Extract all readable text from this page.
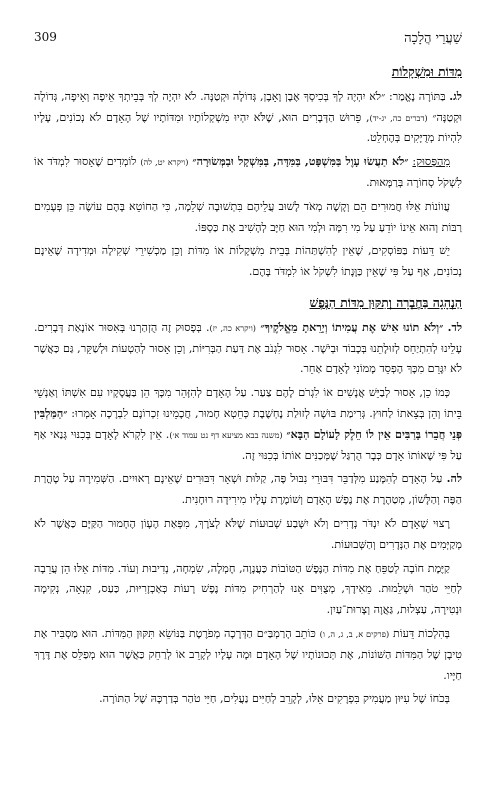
309	שַׁעֲרֵי הֲלָכָה
מִדּוֹת וּמִשְׁקָלוֹת

לג. בַּתּוֹרָה נֶאֱמַר: ״לֹא יִהְיֶה לְךָ בְּכִיסְךָ אֶבֶן וָאָבֶן, גְּדוֹלָה וּקְטַנָּה. לֹא יִהְיֶה לְךָ בְּבֵיתְךָ אֵיפָה וְאֵיפָה, גְּדוֹלָה וּקְטַנָּה״ (דברים כה, יג-יד), פֵּרוּשׁ הַדְּבָרִים הוּא, שֶׁלֹּא יִהְיוּ מִשְׁקְלוֹתָיו וּמִדּוֹתָיו שֶׁל הָאָדָם לֹא נְכוֹנִים, עָלָיו לִהְיוֹת מְדֻיָּקִים בְּהֶחְלֵט.

מֵהַפָּסוּק: ״לֹא תַעֲשׂוּ עָוֶל בַּמִּשְׁפָּט, בַּמִּדָּה, בַּמִּשְׁקָל וּבַמְּשׂוּרָה״ (ויקרא יט, לה) לוֹמְדִים שֶׁאָסוּר לִמְדֹּד אוֹ לִשְׁקֹל סְחוֹרָה בְּרַמָּאוּת.

עֲווֹנוֹת אֵלּוּ חֲמוּרִים הֵם וְקָשֶׁה מְאֹד לָשׁוּב עֲלֵיהֶם בִּתְשׁוּבָה שְׁלֵמָה, כִּי הַחוֹטֵא בָּהֶם עוֹשֶׂה כֵּן פְּעָמִים רַבּוֹת וְהוּא אֵינוֹ יוֹדֵעַ עַל מִי רִמָּה וּלְמִי הוּא חַיָּב לְהָשִׁיב אֶת כַּסְפּוֹ.

יֵשׁ דֵּעוֹת בַּפּוֹסְקִים, שֶׁאֵין לְהִשְׁתַּהוֹת בְּבֵית מִשְׁקָלוֹת אוֹ מִדּוֹת וְכֵן מַכְשִׁירֵי שְׁקִילָה וּמְדִידָה שֶׁאֵינָם נְכוֹנִים, אַף עַל פִּי שֶׁאֵין כַּוָּנָתוֹ לִשְׁקֹל אוֹ לִמְדֹּד בָּהֶם.

הַנְהָגָה בַּחֶבְרָה וְתִקּוּן מִדּוֹת הַנֶּפֶשׁ

לד. ״וְלֹא תוֹנוּ אִישׁ אֶת עֲמִיתוֹ וְיָרֵאתָ מֵאֱלֹקֶיךָ״ (ויקרא כה, יז). בְּפָסוּק זֶה הֻזְהַרְנוּ בְּאִסּוּר אוֹנָאַת דְּבָרִים. עָלֵינוּ לְהִתְיַחֵס לְזוּלָתֵנוּ בְּכָבוֹד וּבְיֹשֶׁר. אָסוּר לִגְנֹב אֶת דַּעַת הַבְּרִיּוֹת, וְכֵן אָסוּר לְהַטְעוֹת וּלְשַׁקֵּר, גַּם כַּאֲשֶׁר לֹא יִגָּרֵם מִכָּךְ הֶפְסֵד מָמוֹנִי לָאָדָם אַחֵר.

כְּמוֹ כֵן, אָסוּר לְבַיֵּשׁ אֲנָשִׁים אוֹ לִגְרֹם לָהֶם צַעַר. עַל הָאָדָם לְהִזָּהֵר מִכָּךְ הֵן בַּעֲסָקָיו עִם אִשְׁתּוֹ וְאַנְשֵׁי בֵּיתוֹ וְהֵן בְּצֵאתוֹ לַחוּץ. גְּרִימַת בּוּשָׁה לְזוּלַת נֶחְשֶׁבֶת כְּחֵטְא חָמוּר, חֲכָמֵינוּ זִכְרוֹנָם לִבְרָכָה אָמְרוּ: ״הַמַּלְבִּין פְּנֵי חֲבֵרוֹ בָּרַבִּים אֵין לוֹ חֵלֶק לָעוֹלָם הַבָּא״ (משנה בבא מציעא דף נט עמוד א׳). אֵין לִקְרֹא לָאָדָם בְּכִנּוּי גְּנַאי אַף עַל פִּי שֶׁאוֹתוֹ אָדָם כְּבָר הֻרְגַּל שֶׁמְּכַנִּים אוֹתוֹ בְּכִנּוּי זֶה.

לה. עַל הָאָדָם לְהִמָּנַע מִלְּדַבֵּר דִּבּוּרֵי נִבּוּל פֶּה, קַלּוּת וּשְׁאָר דִּבּוּרִים שֶׁאֵינָם רְאוּיִים. הַשְּׁמִירָה עַל טָהֳרַת הַפֶּה וְהַלָּשׁוֹן, מְטַהֶרֶת אֶת נֶפֶשׁ הָאָדָם וְשׁוֹמֶרֶת עָלָיו מִירִידָה רוּחָנִית.

רָצוּי שֶׁאָדָם לֹא יִנְדֹּר נְדָרִים וְלֹא יִשָּׁבַע שְׁבוּעוֹת שֶׁלֹּא לְצֹרֶךְ, מִפְּאַת הֶעָוֹן הֶחָמוּר הַקַּיָּם כַּאֲשֶׁר לֹא מְקַיְּמִים אֶת הַנְּדָרִים וְהַשְּׁבוּעוֹת.

קַיֶּמֶת חוֹבָה לְטַפֵּחַ אֶת מִדּוֹת הַנֶּפֶשׁ הַטּוֹבוֹת כַּעֲנָוָה, חֶמְלָה, שִׂמְחָה, נְדִיבוּת וְעוֹד. מִדּוֹת אֵלּוּ הֵן עֲרֵבָה לְחַיֵּי טֹהַר וּשְׁלֵמוּת. מֵאִידָךְ, מְצֻוִּים אָנוּ לְהַרְחִיק מִדּוֹת נֶפֶשׁ רָעוֹת כְּאַכְזָרִיּוּת, כַּעַס, קִנְאָה, נְקִימָה וּנְטִירָה, עַצְלוּת, גַּאֲוָה וְצָרוּת־עַיִן.

בְּהִלְכוֹת דֵּעוֹת (פרקים א, ב, ג, ה, ו) כּוֹתֵב הָרַמְבַּ״ם הַדְּרָכָה מְפֹרֶטֶת בַּנּוֹשֵׂא תִּקּוּן הַמִּדּוֹת. הוּא מַסְבִּיר אֶת טִיבָן שֶׁל הַמִּדּוֹת הַשּׁוֹנוֹת, אֶת תְּכוּנוֹתָיו שֶׁל הָאָדָם וּמָה עָלָיו לְקָרֵב אוֹ לְרַחֵק כַּאֲשֶׁר הוּא מְפַלֵּס אֶת דֶּרֶךְ חַיָּיו.

בְּכֹחוֹ שֶׁל עִיּוּן מַעֲמִיק בִּפְרָקִים אֵלּוּ, לְקָרֵב לְחַיִּים נַעֲלִים, חַיֵּי טֹהַר בְּדַרְכָּהּ שֶׁל הַתּוֹרָה.
